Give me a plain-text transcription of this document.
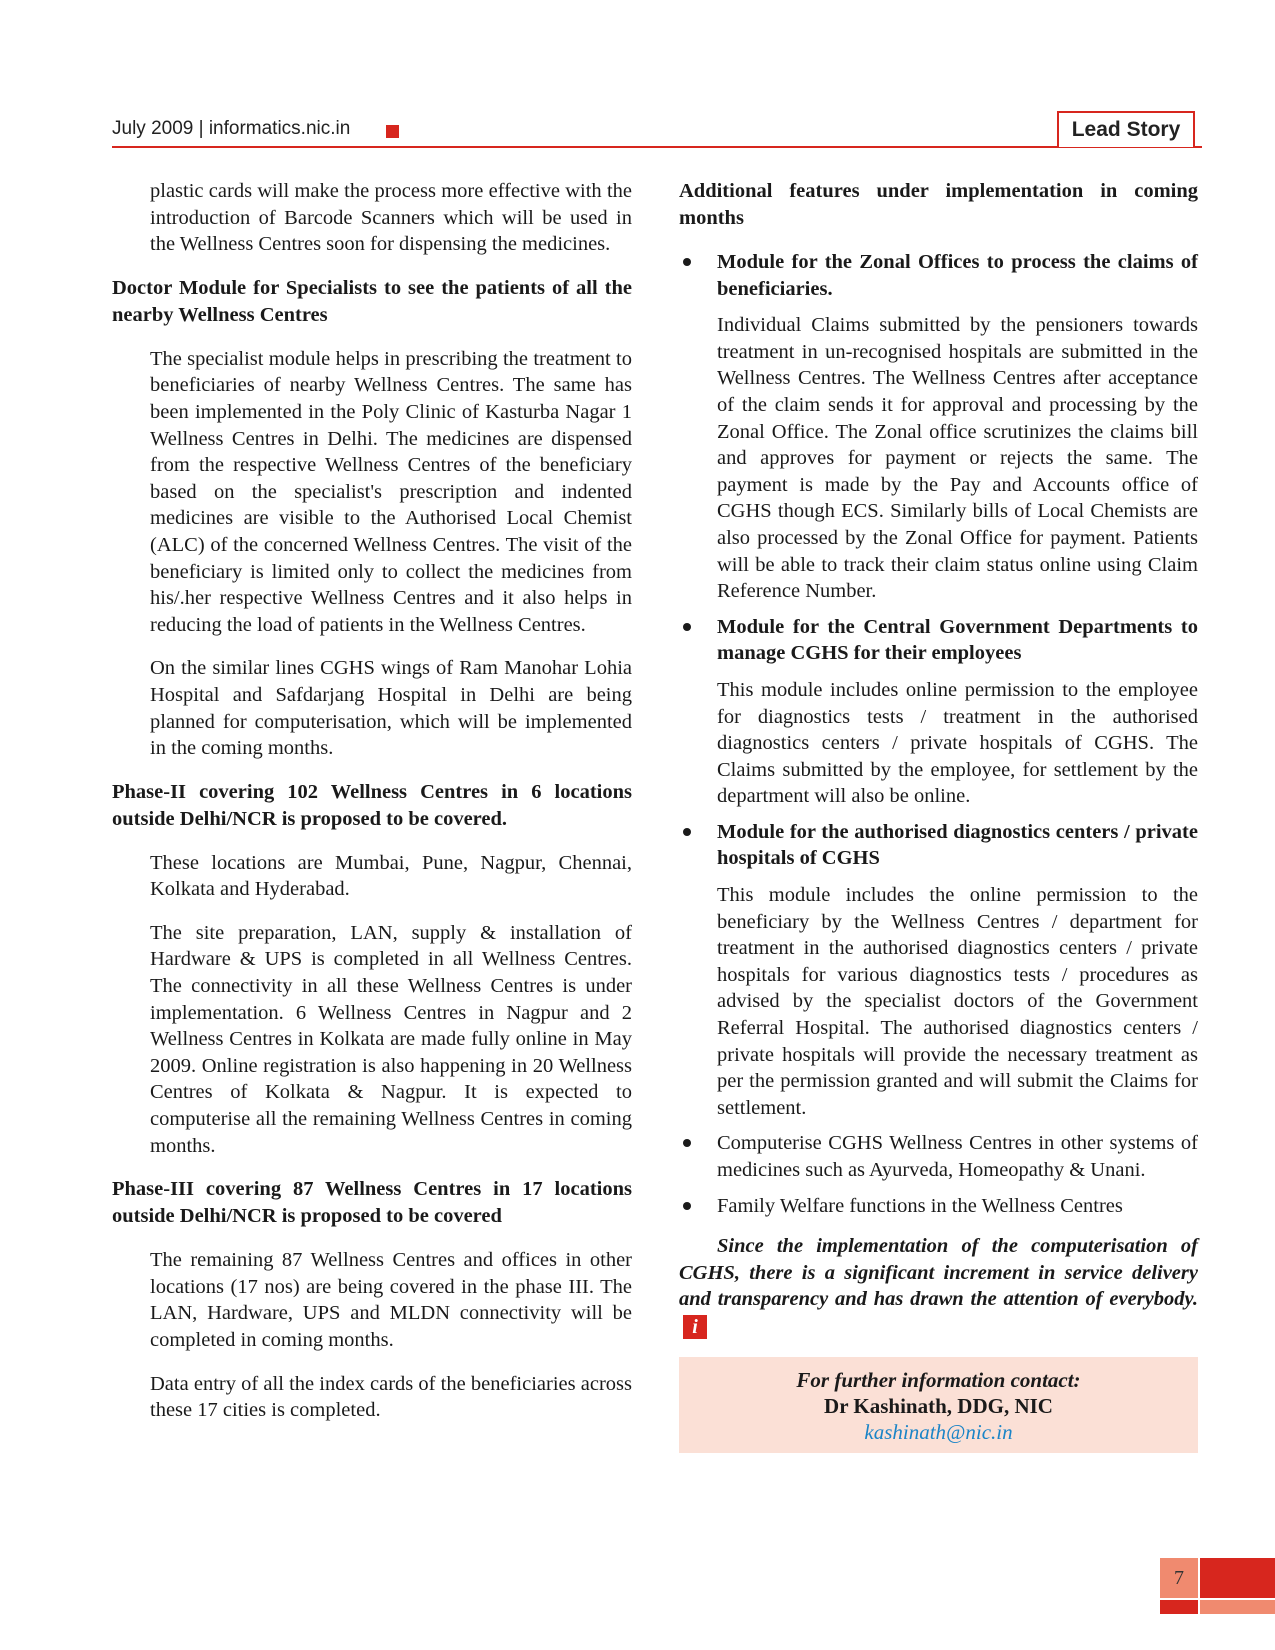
July 2009 | informatics.nic.in	Lead Story

plastic cards will make the process more effective with the introduction of Barcode Scanners which will be used in the Wellness Centres soon for dispensing the medicines.

Doctor Module for Specialists to see the patients of all the nearby Wellness Centres

The specialist module helps in prescribing the treatment to beneficiaries of nearby Wellness Centres. The same has been implemented in the Poly Clinic of Kasturba Nagar 1 Wellness Centres in Delhi. The medicines are dispensed from the respective Wellness Centres of the beneficiary based on the specialist's prescription and indented medicines are visible to the Authorised Local Chemist (ALC) of the concerned Wellness Centres. The visit of the beneficiary is limited only to collect the medicines from his/.her respective Wellness Centres and it also helps in reducing the load of patients in the Wellness Centres.

On the similar lines CGHS wings of Ram Manohar Lohia Hospital and Safdarjang Hospital in Delhi are being planned for computerisation, which will be implemented in the coming months.

Phase-II covering 102 Wellness Centres in 6 locations outside Delhi/NCR is proposed to be covered.

These locations are Mumbai, Pune, Nagpur, Chennai, Kolkata and Hyderabad.

The site preparation, LAN, supply & installation of Hardware & UPS is completed in all Wellness Centres. The connectivity in all these Wellness Centres is under implementation. 6 Wellness Centres in Nagpur and 2 Wellness Centres in Kolkata are made fully online in May 2009. Online registration is also happening in 20 Wellness Centres of Kolkata & Nagpur. It is expected to computerise all the remaining Wellness Centres in coming months.

Phase-III covering 87 Wellness Centres in 17 locations outside Delhi/NCR is proposed to be covered

The remaining 87 Wellness Centres and offices in other locations (17 nos) are being covered in the phase III. The LAN, Hardware, UPS and MLDN connectivity will be completed in coming months.

Data entry of all the index cards of the beneficiaries across these 17 cities is completed.

Additional features under implementation in coming months
Module for the Zonal Offices to process the claims of beneficiaries.
Individual Claims submitted by the pensioners towards treatment in un-recognised hospitals are submitted in the Wellness Centres. The Wellness Centres after acceptance of the claim sends it for approval and processing by the Zonal Office. The Zonal office scrutinizes the claims bill and approves for payment or rejects the same. The payment is made by the Pay and Accounts office of CGHS though ECS. Similarly bills of Local Chemists are also processed by the Zonal Office for payment. Patients will be able to track their claim status online using Claim Reference Number.
Module for the Central Government Departments to manage CGHS for their employees
This module includes online permission to the employee for diagnostics tests / treatment in the authorised diagnostics centers / private hospitals of CGHS. The Claims submitted by the employee, for settlement by the department will also be online.
Module for the authorised diagnostics centers / private hospitals of CGHS
This module includes the online permission to the beneficiary by the Wellness Centres / department for treatment in the authorised diagnostics centers / private hospitals for various diagnostics tests / procedures as advised by the specialist doctors of the Government Referral Hospital. The authorised diagnostics centers / private hospitals will provide the necessary treatment as per the permission granted and will submit the Claims for settlement.
Computerise CGHS Wellness Centres in other systems of medicines such as Ayurveda, Homeopathy & Unani.
Family Welfare functions in the Wellness Centres

Since the implementation of the computerisation of CGHS, there is a significant increment in service delivery and transparency and has drawn the attention of everybody.i

For further information contact:
Dr Kashinath, DDG, NIC
kashinath@nic.in
7
